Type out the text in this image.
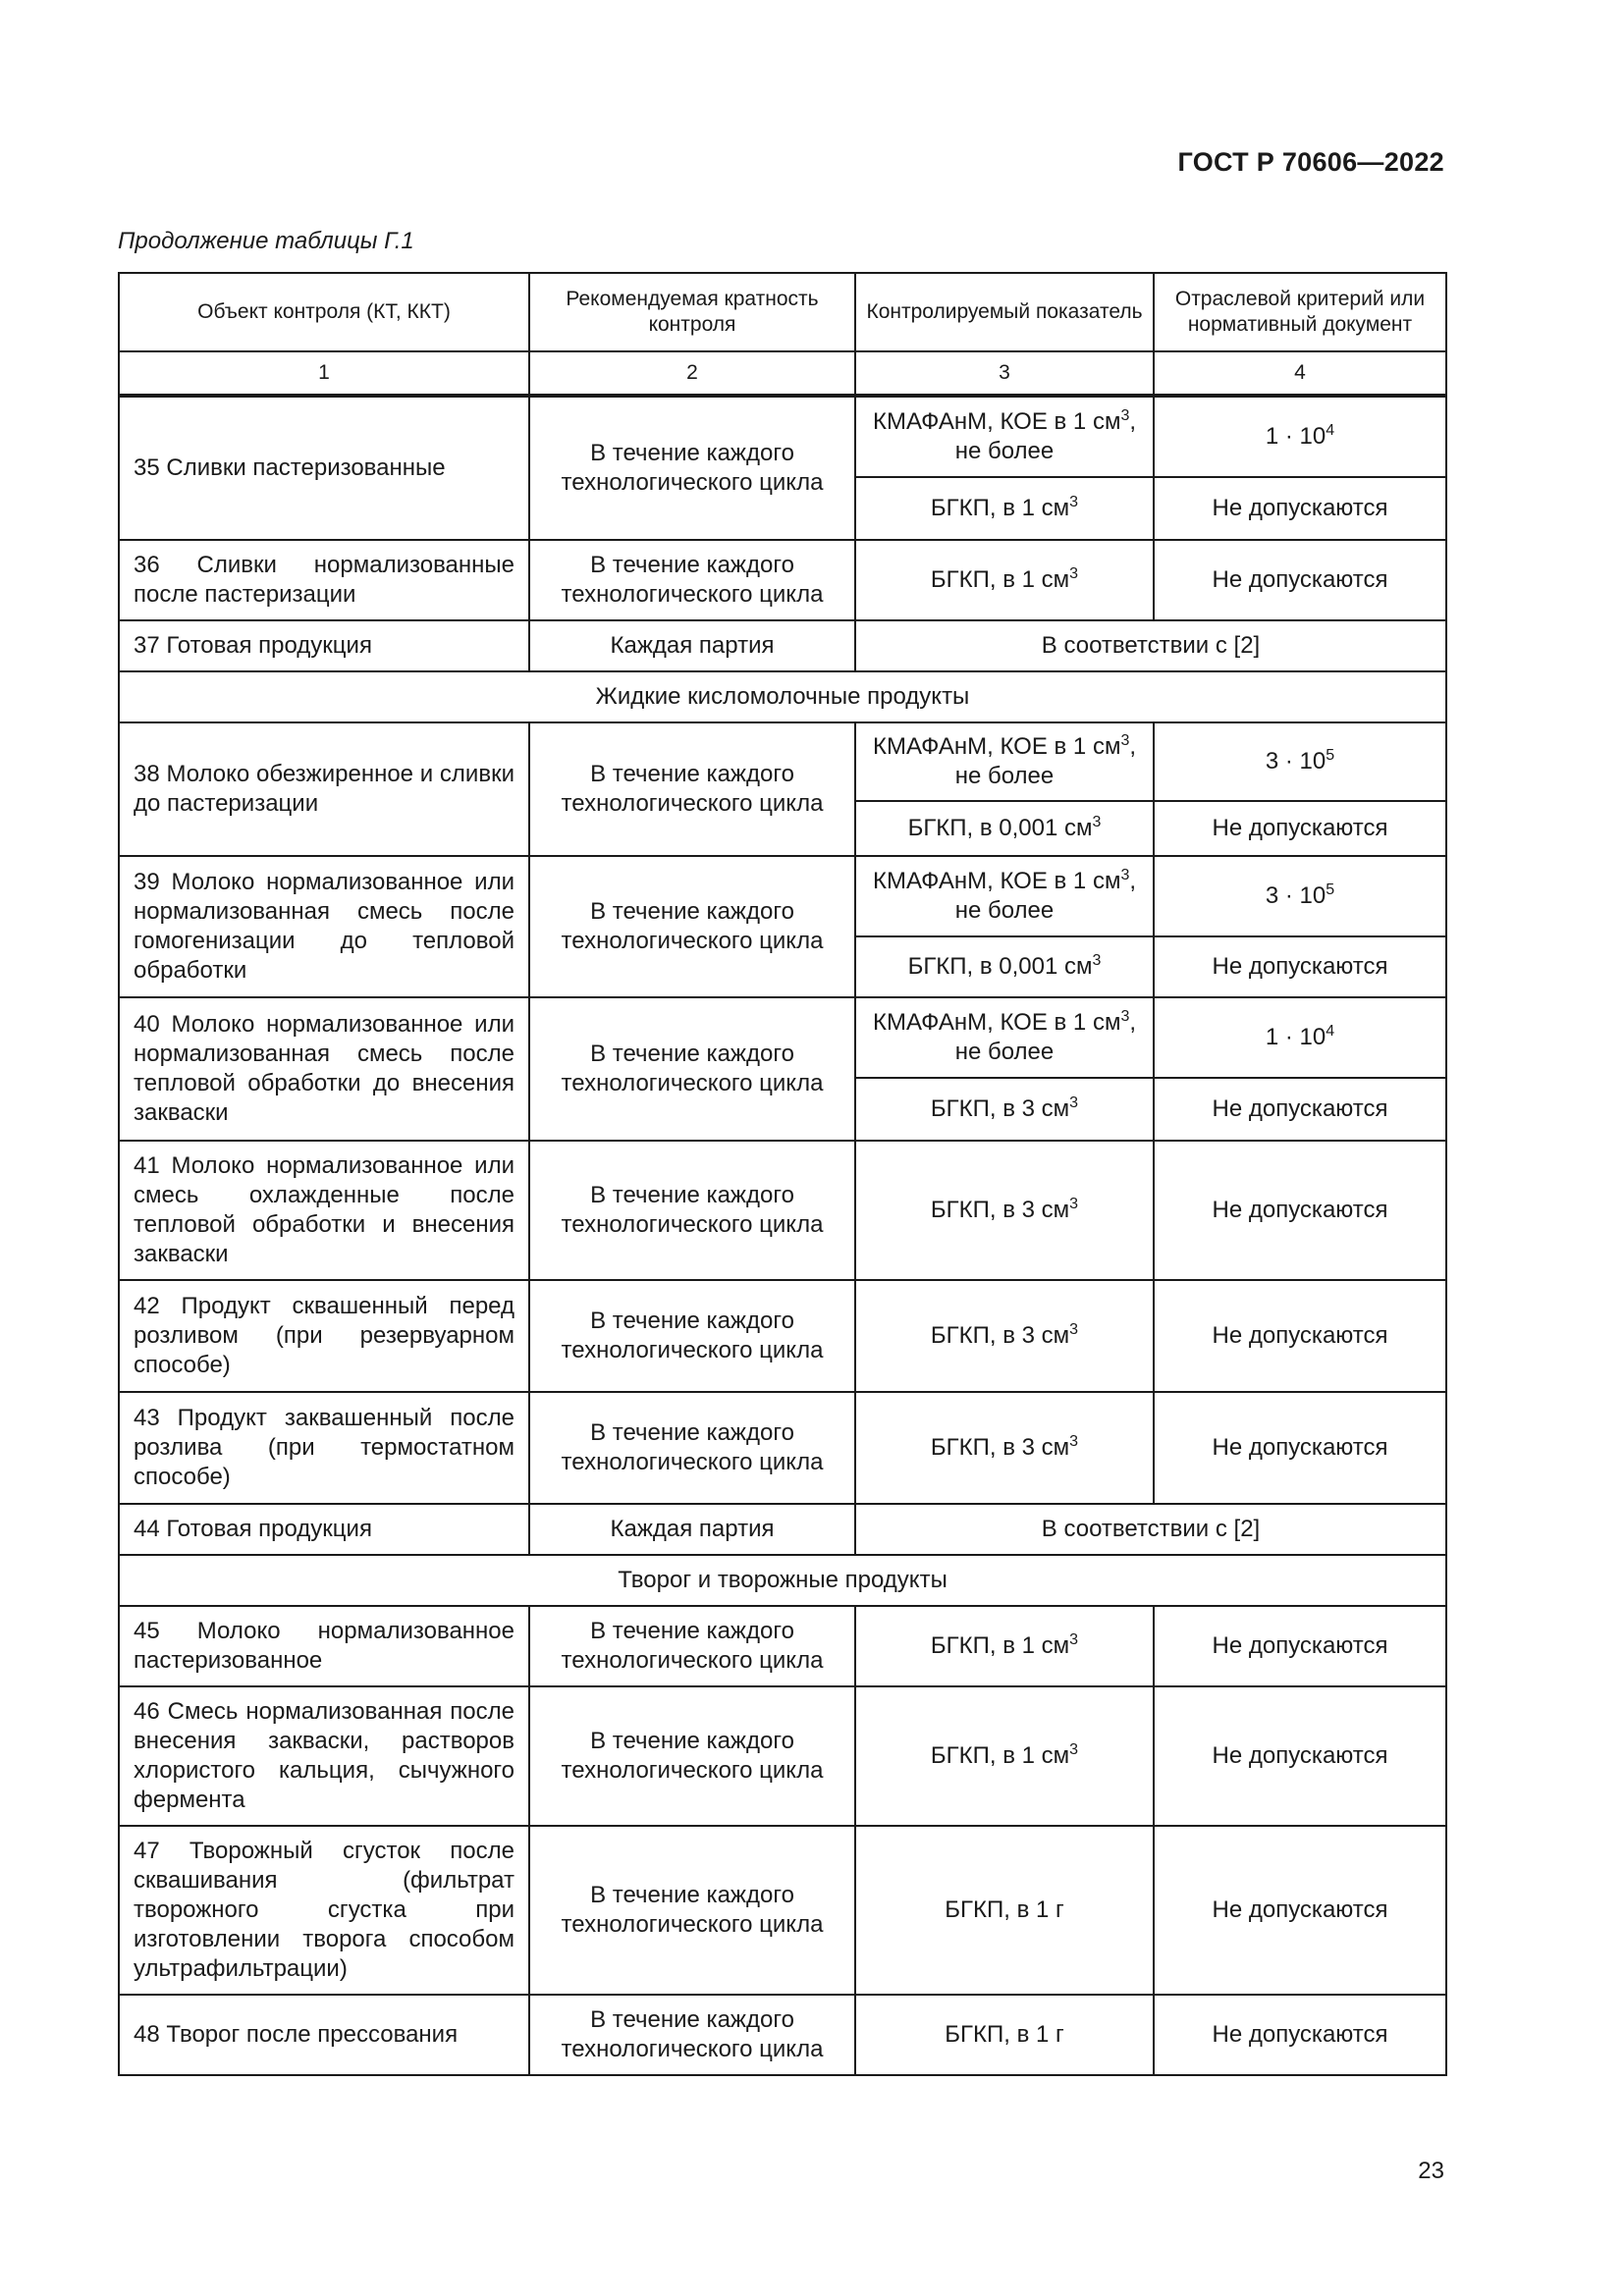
ГОСТ Р 70606—2022
Продолжение таблицы Г.1
Объект контроля (КТ, ККТ)	Рекомендуемая кратность контроля	Контролируемый показатель	Отраслевой критерий или нормативный документ
1	2	3	4
35 Сливки пастеризованные	В течение каждого технологического цикла	КМАФАнМ, КОЕ в 1 $см^3$, не более	$1 \cdot 10^4$
		БГКП, в 1 $см^3$	Не допускаются
36 Сливки нормализованные после пастеризации	В течение каждого технологического цикла	БГКП, в 1 $см^3$	Не допускаются
37 Готовая продукция	Каждая партия	В соответствии с [2]	
Жидкие кисломолочные продукты			
38 Молоко обезжиренное и сливки до пастеризации	В течение каждого технологического цикла	КМАФАнМ, КОЕ в 1 $см^3$, не более	$3 \cdot 10^5$
		БГКП, в 0,001 $см^3$	Не допускаются
39 Молоко нормализованное или нормализованная смесь после гомогенизации до тепловой обработки	В течение каждого технологического цикла	КМАФАнМ, КОЕ в 1 $см^3$, не более	$3 \cdot 10^5$
		БГКП, в 0,001 $см^3$	Не допускаются
40 Молоко нормализованное или нормализованная смесь после тепловой обработки до внесения закваски	В течение каждого технологического цикла	КМАФАнМ, КОЕ в 1 $см^3$, не более	$1 \cdot 10^4$
		БГКП, в 3 $см^3$	Не допускаются
41 Молоко нормализованное или смесь охлажденные после тепловой обработки и внесения закваски	В течение каждого технологического цикла	БГКП, в 3 $см^3$	Не допускаются
42 Продукт сквашенный перед розливом (при резервуарном способе)	В течение каждого технологического цикла	БГКП, в 3 $см^3$	Не допускаются
43 Продукт заквашенный после розлива (при термостатном способе)	В течение каждого технологического цикла	БГКП, в 3 $см^3$	Не допускаются
44 Готовая продукция	Каждая партия	В соответствии с [2]	
Творог и творожные продукты			
45 Молоко нормализованное пастеризованное	В течение каждого технологического цикла	БГКП, в 1 $см^3$	Не допускаются
46 Смесь нормализованная после внесения закваски, растворов хлористого кальция, сычужного фермента	В течение каждого технологического цикла	БГКП, в 1 $см^3$	Не допускаются
47 Творожный сгусток после сквашивания (фильтрат творожного сгустка при изготовлении творога способом ультрафильтрации)	В течение каждого технологического цикла	БГКП, в 1 г	Не допускаются
48 Творог после прессования	В течение каждого технологического цикла	БГКП, в 1 г	Не допускаются
23
